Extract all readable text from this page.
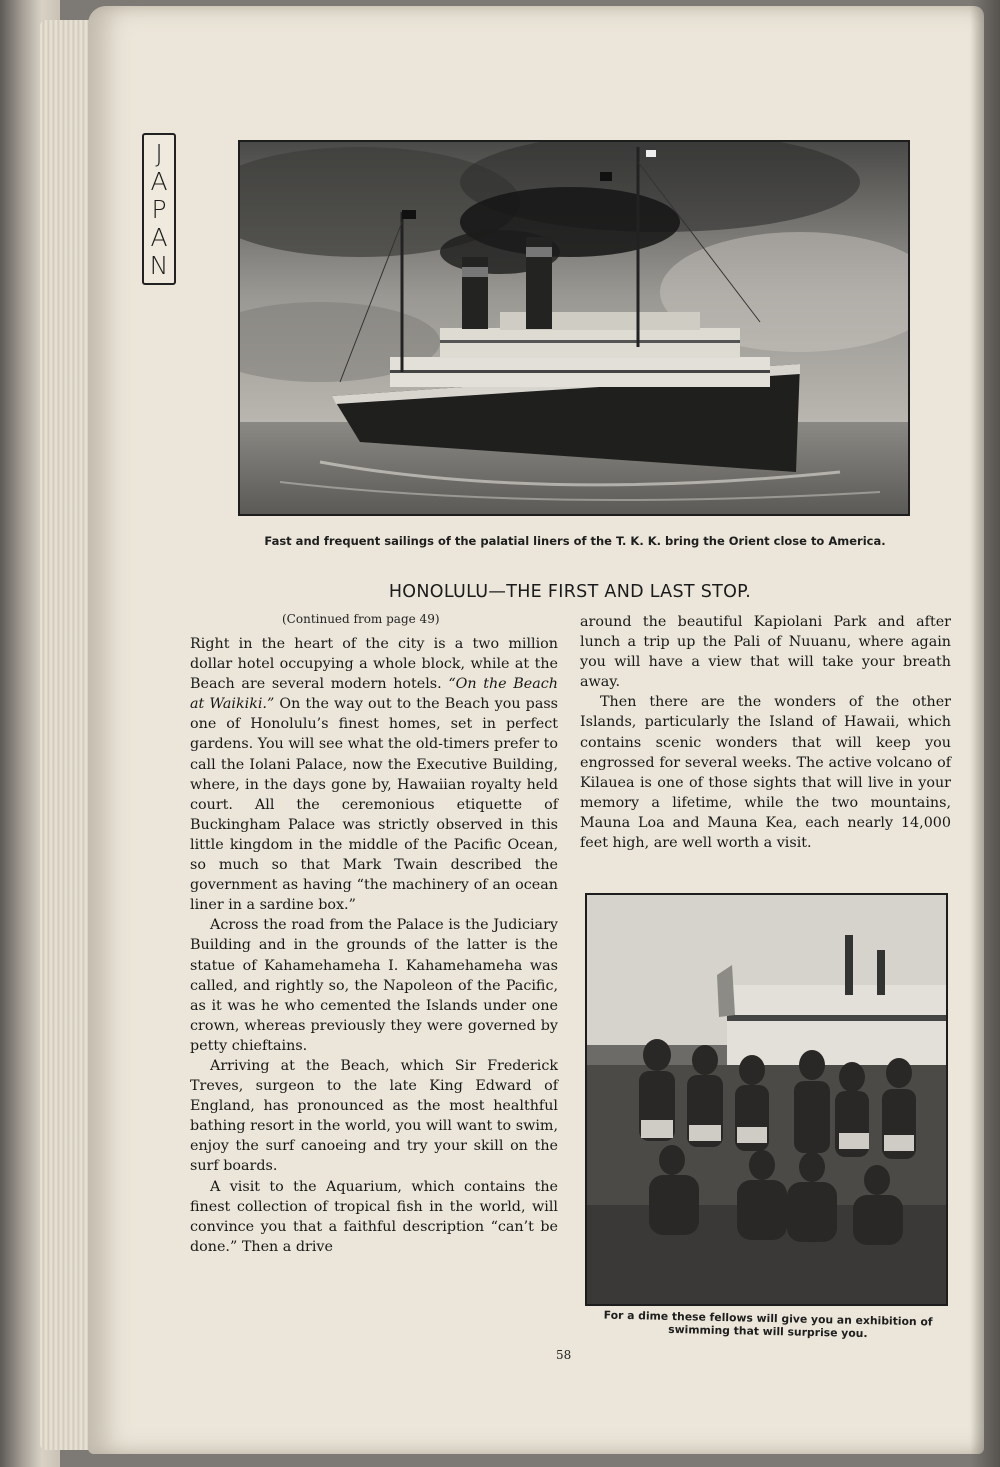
J
A
P
A
N
Fast and frequent sailings of the palatial liners of the T. K. K. bring the Orient close to America.
HONOLULU—THE FIRST AND LAST STOP.
(Continued from page 49)

Right in the heart of the city is a two million dollar hotel occupying a whole block, while at the Beach are several modern hotels. “On the Beach at Waikiki.” On the way out to the Beach you pass one of Honolulu’s finest homes, set in perfect gardens. You will see what the old-timers prefer to call the Iolani Palace, now the Executive Building, where, in the days gone by, Hawaiian royalty held court. All the ceremonious etiquette of Buckingham Palace was strictly observed in this little kingdom in the middle of the Pacific Ocean, so much so that Mark Twain described the government as having “the machinery of an ocean liner in a sardine box.”

Across the road from the Palace is the Judiciary Building and in the grounds of the latter is the statue of Kahamehameha I. Kahamehameha was called, and rightly so, the Napoleon of the Pacific, as it was he who cemented the Islands under one crown, whereas previously they were governed by petty chieftains.

Arriving at the Beach, which Sir Frederick Treves, surgeon to the late King Edward of England, has pronounced as the most healthful bathing resort in the world, you will want to swim, enjoy the surf canoeing and try your skill on the surf boards.

A visit to the Aquarium, which contains the finest collection of tropical fish in the world, will convince you that a faithful description “can’t be done.” Then a drive

around the beautiful Kapiolani Park and after lunch a trip up the Pali of Nuuanu, where again you will have a view that will take your breath away.

Then there are the wonders of the other Islands, particularly the Island of Hawaii, which contains scenic wonders that will keep you engrossed for several weeks. The active volcano of Kilauea is one of those sights that will live in your memory a lifetime, while the two mountains, Mauna Loa and Mauna Kea, each nearly 14,000 feet high, are well worth a visit.

For a dime these fellows will give you an exhibition of swimming that will surprise you.
58
